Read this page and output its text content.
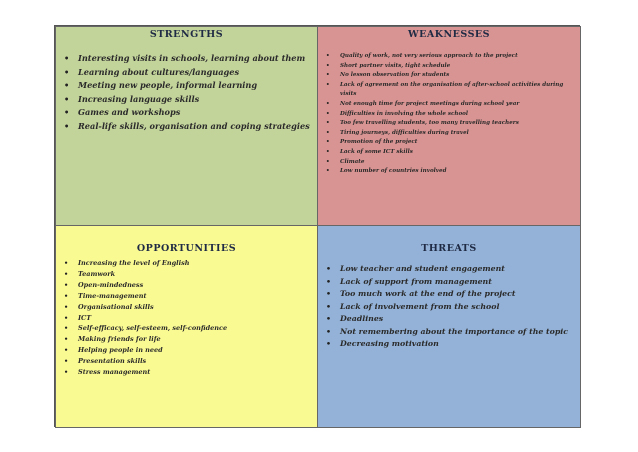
STRENGTHS
• Interesting visits in schools, learning about them
• Learning about cultures/languages
• Meeting new people, informal learning
• Increasing language skills
• Games and workshops
• Real-life skills, organisation and coping strategies
WEAKNESSES
• Quality of work, not very serious approach to the project
• Short partner visits, tight schedule
• No lesson observation for students
• Lack of agreement on the organisation of after-school activities during visits
• Not enough time for project meetings during school year
• Difficulties in involving the whole school
• Too few travelling students, too many travelling teachers
• Tiring journeys, difficulties during travel
• Promotion of the project
• Lack of some ICT skills
• Climate
• Low number of countries involved
OPPORTUNITIES
• Increasing the level of English
• Teamwork
• Open-mindedness
• Time-management
• Organisational skills
• ICT
• Self-efficacy, self-esteem, self-confidence
• Making friends for life
• Helping people in need
• Presentation skills
• Stress management
THREATS
• Low teacher and student engagement
• Lack of support from management
• Too much work at the end of the project
• Lack of involvement from the school
• Deadlines
• Not remembering about the importance of the topic
• Decreasing motivation
